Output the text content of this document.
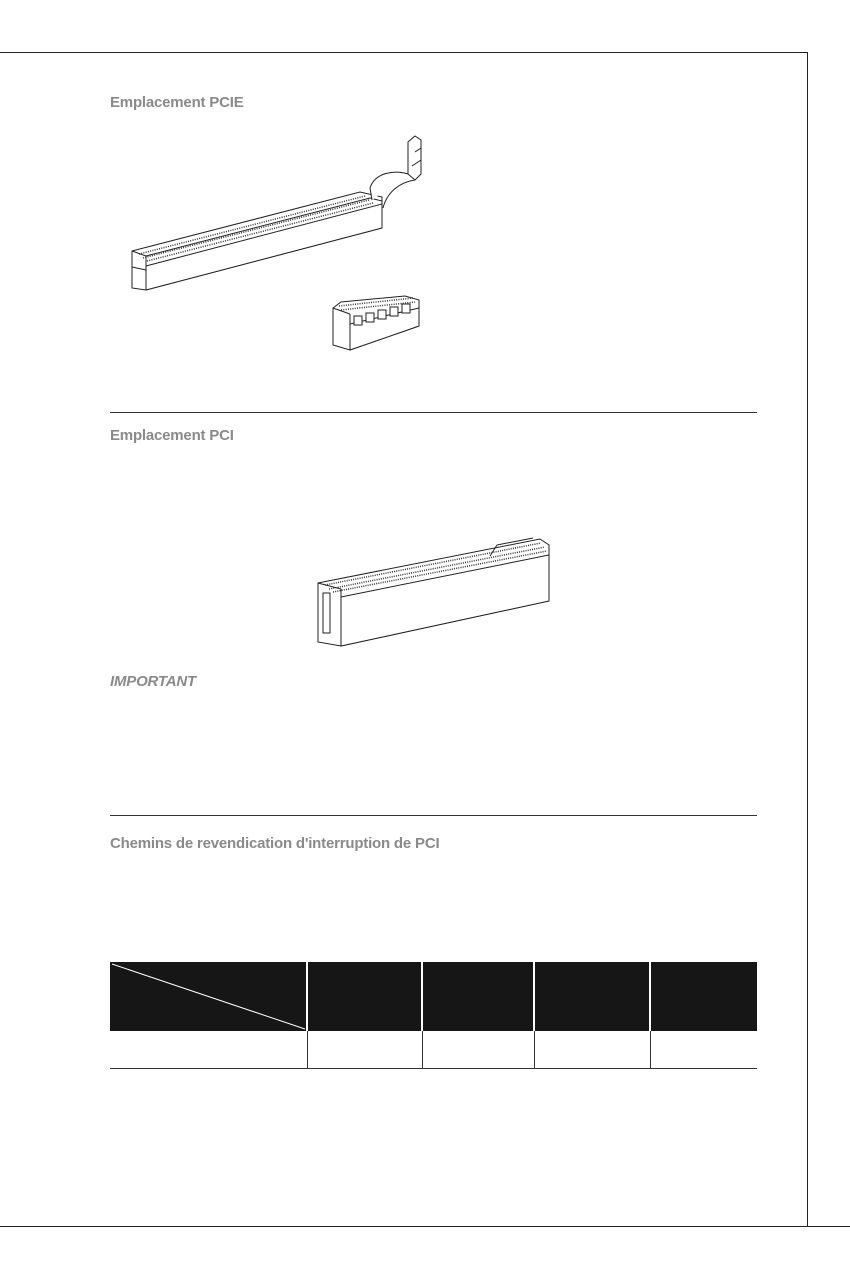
Emplacement PCIE
Emplacement PCI
IMPORTANT
Chemins de revendication d'interruption de PCI
